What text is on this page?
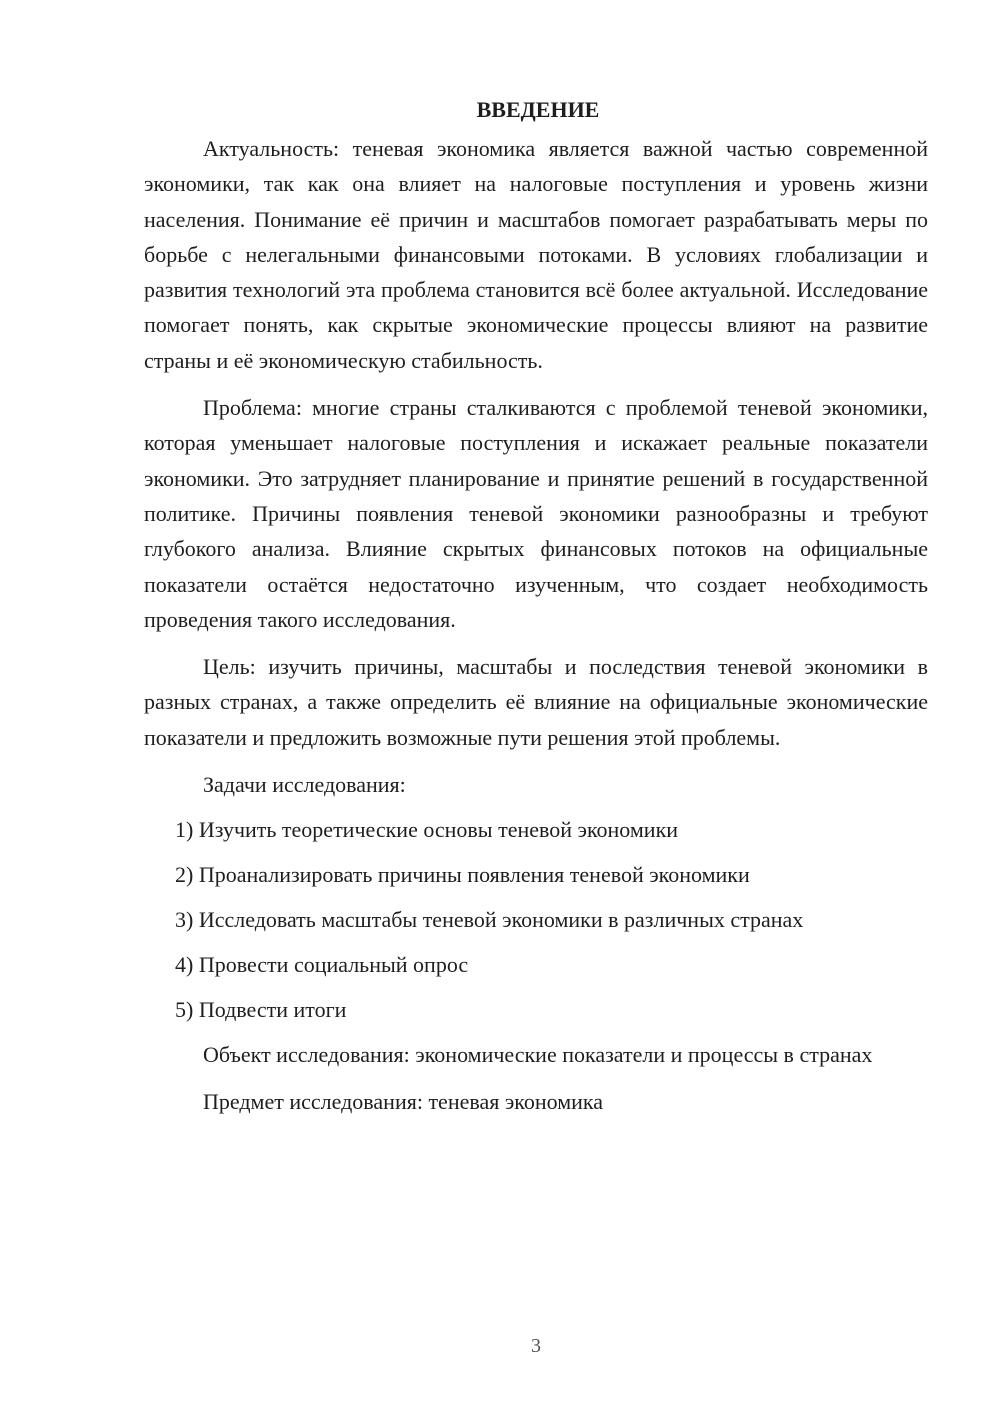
ВВЕДЕНИЕ

Актуальность: теневая экономика является важной частью современной экономики, так как она влияет на налоговые поступления и уровень жизни населения. Понимание её причин и масштабов помогает разрабатывать меры по борьбе с нелегальными финансовыми потоками. В условиях глобализации и развития технологий эта проблема становится всё более актуальной. Исследование помогает понять, как скрытые экономические процессы влияют на развитие страны и её экономическую стабильность.

Проблема: многие страны сталкиваются с проблемой теневой экономики, которая уменьшает налоговые поступления и искажает реальные показатели экономики. Это затрудняет планирование и принятие решений в государственной политике. Причины появления теневой экономики разнообразны и требуют глубокого анализа. Влияние скрытых финансовых потоков на официальные показатели остаётся недостаточно изученным, что создает необходимость проведения такого исследования.

Цель: изучить причины, масштабы и последствия теневой экономики в разных странах, а также определить её влияние на официальные экономические показатели и предложить возможные пути решения этой проблемы.

Задачи исследования:

1) Изучить теоретические основы теневой экономики
2) Проанализировать причины появления теневой экономики
3) Исследовать масштабы теневой экономики в различных странах
4) Провести социальный опрос
5) Подвести итоги

Объект исследования: экономические показатели и процессы в странах

Предмет исследования: теневая экономика

3
